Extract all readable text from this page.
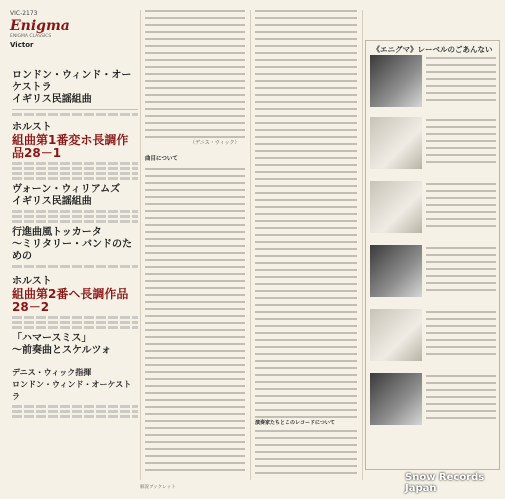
VIC-2173
Enigma
ENIGMA CLASSICS
Victor
ロンドン・ウィンド・オーケストラ
イギリス民謡組曲
ホルスト
組曲第1番変ホ長調作品28－1
ヴォーン・ウィリアムズ
イギリス民謡組曲
行進曲風トッカータ
～ミリタリー・バンドのための
ホルスト
組曲第2番ヘ長調作品28－2
「ハマースミス」
～前奏曲とスケルツォ
デニス・ウィック指揮
ロンドン・ウィンド・オーケストラ
（デニス・ウィック）
曲目について
演奏家たちとこのレコードについて
《エニグマ》レーベルのごあんない
解説ブックレット
Snow Records Japan
